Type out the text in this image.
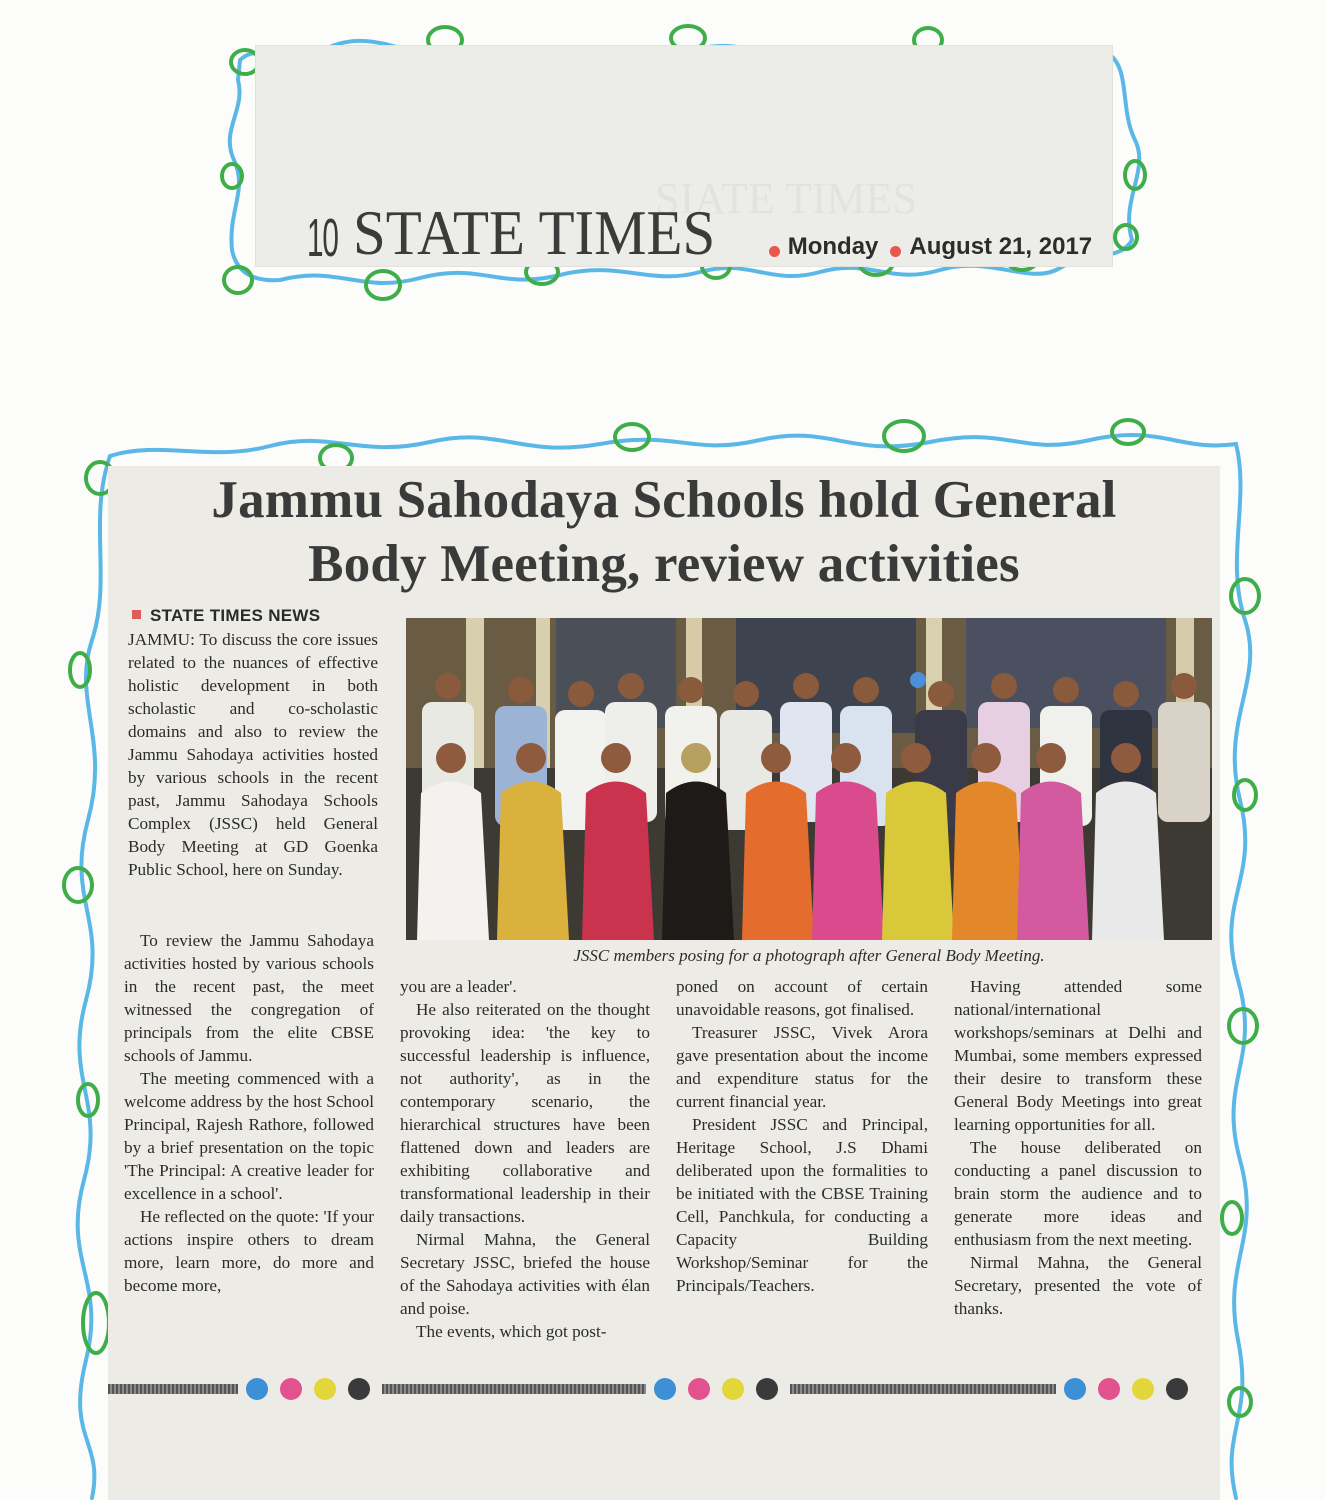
SIATE TIMES
10 STATE TIMES	Monday August 21, 2017
Jammu Sahodaya Schools hold General
Body Meeting, review activities
STATE TIMES NEWS

JAMMU: To discuss the core issues related to the nuances of effective holistic development in both scholastic and co-scholastic domains and also to review the Jammu Sahodaya activities hosted by various schools in the recent past, Jammu Sahodaya Schools Complex (JSSC) held General Body Meeting at GD Goenka Public School, here on Sunday.

To review the Jammu Sahodaya activities hosted by various schools in the recent past, the meet witnessed the congregation of principals from the elite CBSE schools of Jammu.

The meeting commenced with a welcome address by the host School Principal, Rajesh Rathore, followed by a brief presentation on the topic 'The Principal: A creative leader for excellence in a school'.

He reflected on the quote: 'If your actions inspire others to dream more, learn more, do more and become more,

JSSC members posing for a photograph after General Body Meeting.

you are a leader'.

He also reiterated on the thought provoking idea: 'the key to successful leadership is influence, not authority', as in the contemporary scenario, the hierarchical structures have been flattened down and leaders are exhibiting collaborative and transformational leadership in their daily transactions.

Nirmal Mahna, the General Secretary JSSC, briefed the house of the Sahodaya activities with élan and poise.

The events, which got post-

poned on account of certain unavoidable reasons, got finalised.

Treasurer JSSC, Vivek Arora gave presentation about the income and expenditure status for the current financial year.

President JSSC and Principal, Heritage School, J.S Dhami deliberated upon the formalities to be initiated with the CBSE Training Cell, Panchkula, for conducting a Capacity Building Workshop/Seminar for the Principals/Teachers.

Having attended some national/international workshops/seminars at Delhi and Mumbai, some members expressed their desire to transform these General Body Meetings into great learning opportunities for all.

The house deliberated on conducting a panel discussion to brain storm the audience and to generate more ideas and enthusiasm from the next meeting.

Nirmal Mahna, the General Secretary, presented the vote of thanks.
